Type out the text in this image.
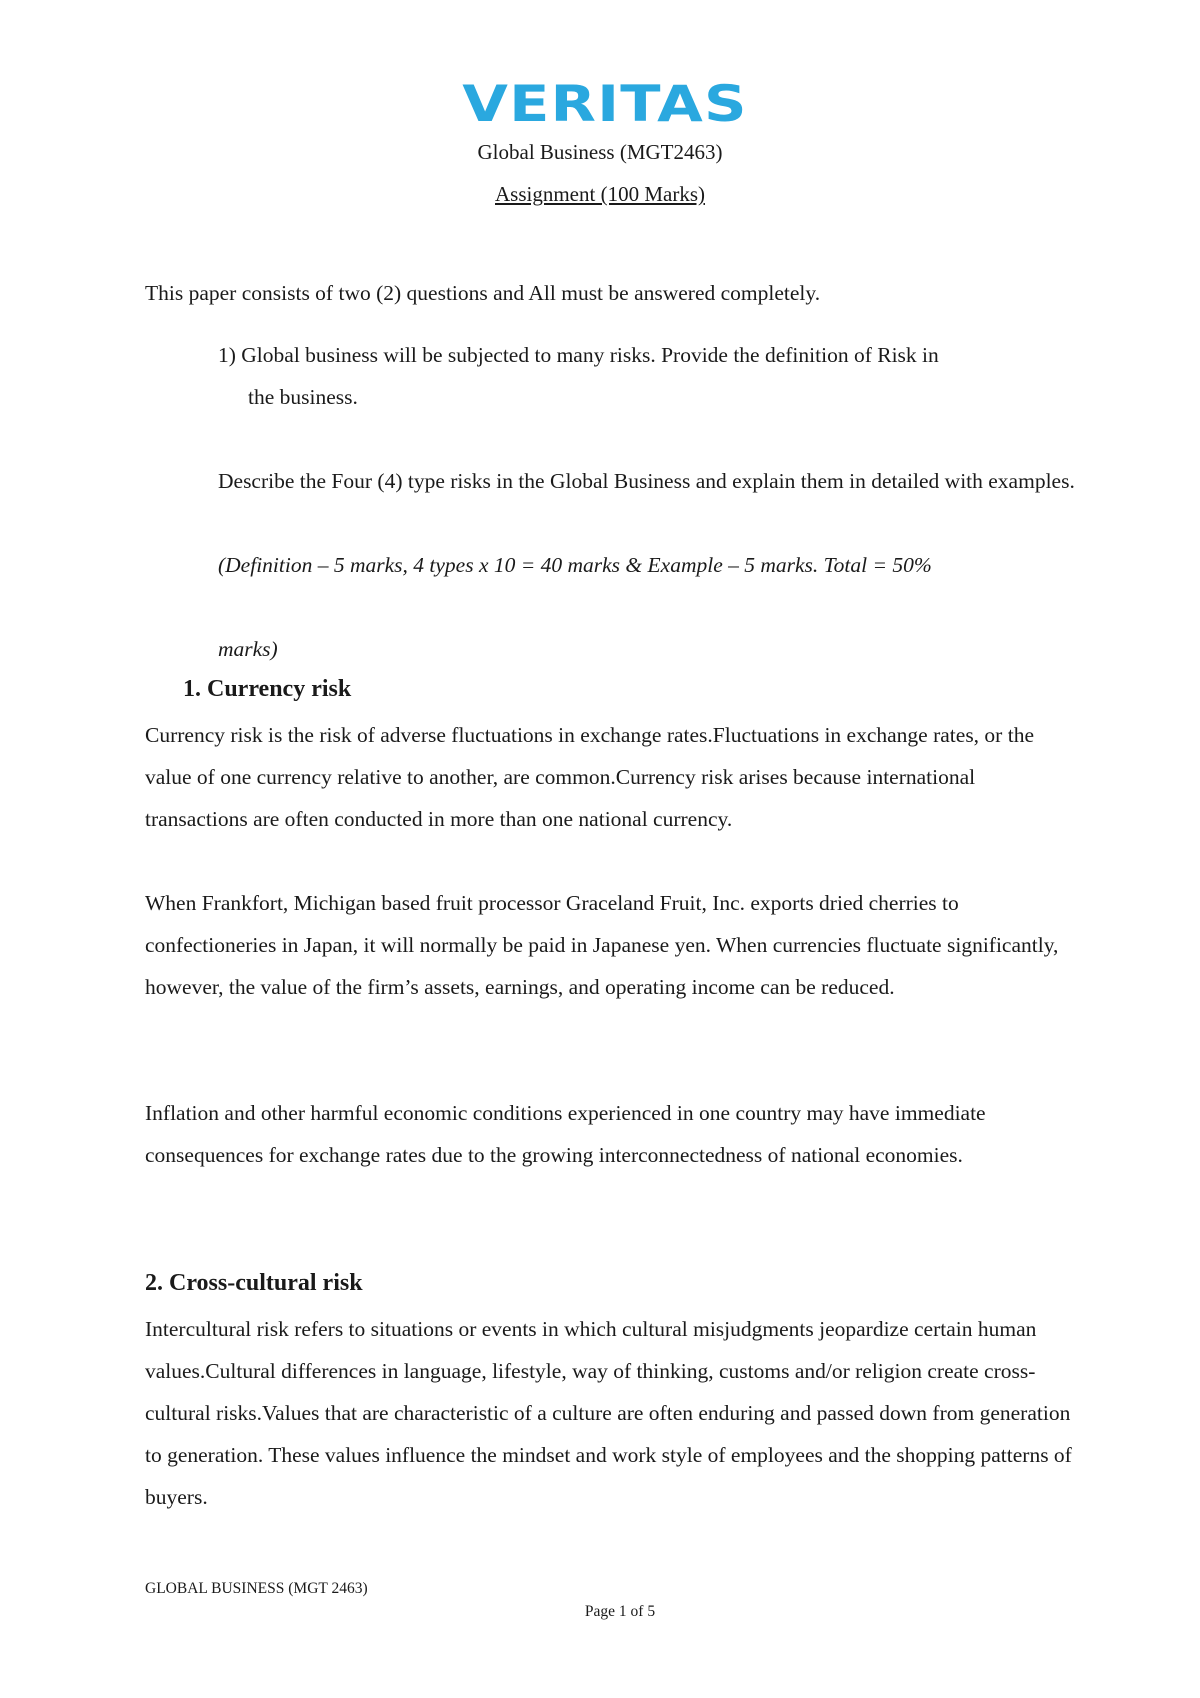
VERITAS
Global Business (MGT2463)
Assignment (100 Marks)

This paper consists of two (2) questions and All must be answered completely.

1) Global business will be subjected to many risks. Provide the definition of Risk in

the business.

Describe the Four (4) type risks in the Global Business and explain them in detailed with examples.

(Definition – 5 marks, 4 types x 10 = 40 marks & Example – 5 marks. Total = 50%

marks)

1. Currency risk

Currency risk is the risk of adverse fluctuations in exchange rates.Fluctuations in exchange rates, or the value of one currency relative to another, are common.Currency risk arises because international transactions are often conducted in more than one national currency.

When Frankfort, Michigan based fruit processor Graceland Fruit, Inc. exports dried cherries to confectioneries in Japan, it will normally be paid in Japanese yen. When currencies fluctuate significantly, however, the value of the firm’s assets, earnings, and operating income can be reduced.

Inflation and other harmful economic conditions experienced in one country may have immediate consequences for exchange rates due to the growing interconnectedness of national economies.

2. Cross-cultural risk

Intercultural risk refers to situations or events in which cultural misjudgments jeopardize certain human values.Cultural differences in language, lifestyle, way of thinking, customs and/or religion create cross-cultural risks.Values that are characteristic of a culture are often enduring and passed down from generation to generation. These values influence the mindset and work style of employees and the shopping patterns of buyers.

GLOBAL BUSINESS (MGT 2463)
Page 1 of 5
